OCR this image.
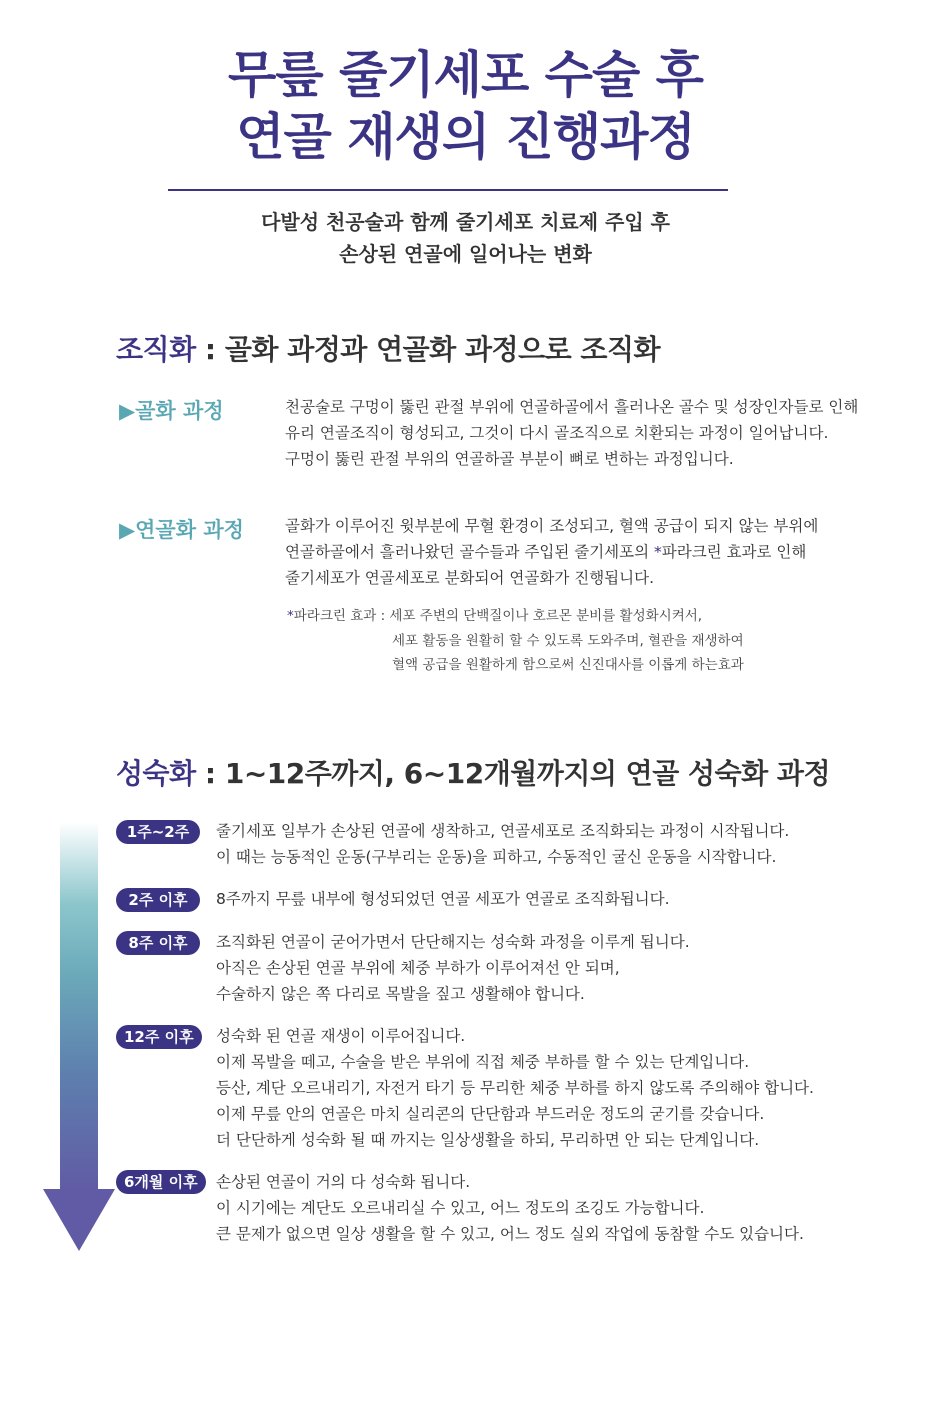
무릎 줄기세포 수술 후
연골 재생의 진행과정
다발성 천공술과 함께 줄기세포 치료제 주입 후
손상된 연골에 일어나는 변화
조직화 : 골화 과정과 연골화 과정으로 조직화
▶골화 과정	천공술로 구멍이 뚫린 관절 부위에 연골하골에서 흘러나온 골수 및 성장인자들로 인해
유리 연골조직이 형성되고, 그것이 다시 골조직으로 치환되는 과정이 일어납니다.
구멍이 뚫린 관절 부위의 연골하골 부분이 뼈로 변하는 과정입니다.
▶연골화 과정	골화가 이루어진 윗부분에 무혈 환경이 조성되고, 혈액 공급이 되지 않는 부위에
연골하골에서 흘러나왔던 골수들과 주입된 줄기세포의 *파라크린 효과로 인해
줄기세포가 연골세포로 분화되어 연골화가 진행됩니다.
*파라크린 효과 : 세포 주변의 단백질이나 호르몬 분비를 활성화시켜서,
세포 활동을 원활히 할 수 있도록 도와주며, 혈관을 재생하여
혈액 공급을 원활하게 함으로써 신진대사를 이롭게 하는효과
성숙화 : 1~12주까지, 6~12개월까지의 연골 성숙화 과정
1주~2주	줄기세포 일부가 손상된 연골에 생착하고, 연골세포로 조직화되는 과정이 시작됩니다.
이 때는 능동적인 운동(구부리는 운동)을 피하고, 수동적인 굴신 운동을 시작합니다.
2주 이후	8주까지 무릎 내부에 형성되었던 연골 세포가 연골로 조직화됩니다.
8주 이후	조직화된 연골이 굳어가면서 단단해지는 성숙화 과정을 이루게 됩니다.
아직은 손상된 연골 부위에 체중 부하가 이루어져선 안 되며,
수술하지 않은 쪽 다리로 목발을 짚고 생활해야 합니다.
12주 이후	성숙화 된 연골 재생이 이루어집니다.
이제 목발을 떼고, 수술을 받은 부위에 직접 체중 부하를 할 수 있는 단계입니다.
등산, 계단 오르내리기, 자전거 타기 등 무리한 체중 부하를 하지 않도록 주의해야 합니다.
이제 무릎 안의 연골은 마치 실리콘의 단단함과 부드러운 정도의 굳기를 갖습니다.
더 단단하게 성숙화 될 때 까지는 일상생활을 하되, 무리하면 안 되는 단계입니다.
6개월 이후	손상된 연골이 거의 다 성숙화 됩니다.
이 시기에는 계단도 오르내리실 수 있고, 어느 정도의 조깅도 가능합니다.
큰 문제가 없으면 일상 생활을 할 수 있고, 어느 정도 실외 작업에 동참할 수도 있습니다.
